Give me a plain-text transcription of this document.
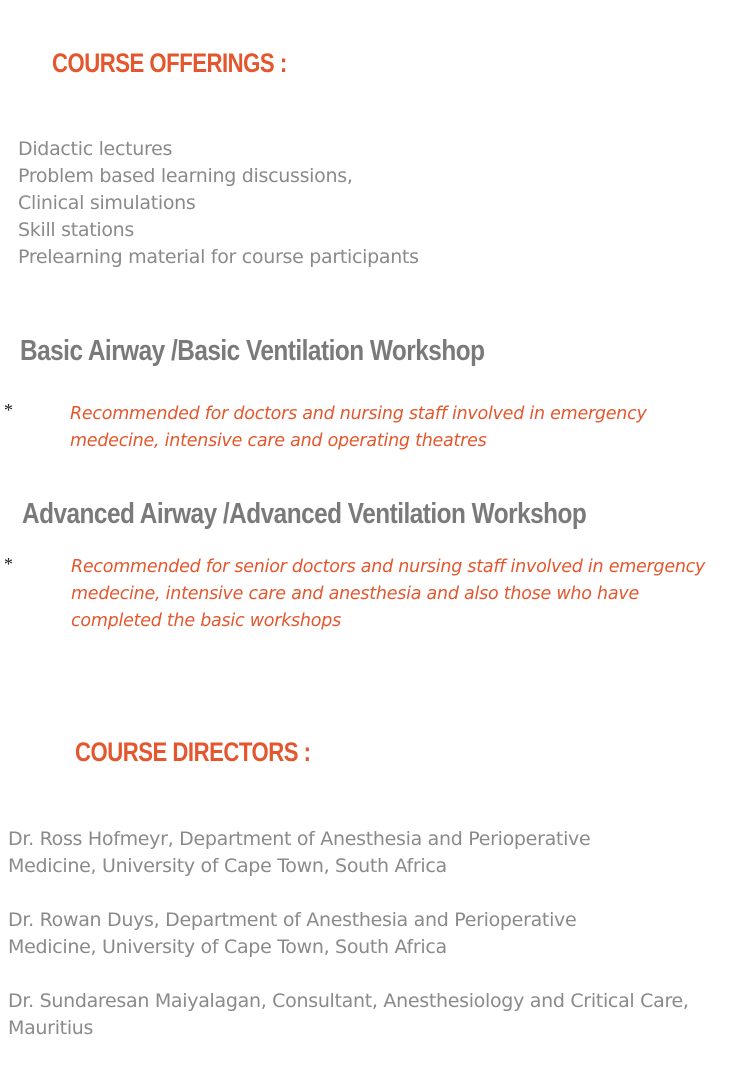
COURSE OFFERINGS :
Didactic lectures
Problem based learning discussions,
Clinical simulations
Skill stations
Prelearning material for course participants
Basic Airway /Basic Ventilation Workshop
*	Recommended for doctors and nursing staff involved in emergency
medecine, intensive care and operating theatres

Advanced Airway /Advanced Ventilation Workshop
*	Recommended for senior doctors and nursing staff involved in emergency
medecine, intensive care and anesthesia and also those who have
completed the basic workshops

COURSE DIRECTORS :

Dr. Ross Hofmeyr, Department of Anesthesia and Perioperative
Medicine, University of Cape Town, South Africa

Dr. Rowan Duys, Department of Anesthesia and Perioperative
Medicine, University of Cape Town, South Africa

Dr. Sundaresan Maiyalagan, Consultant, Anesthesiology and Critical Care,
Mauritius
